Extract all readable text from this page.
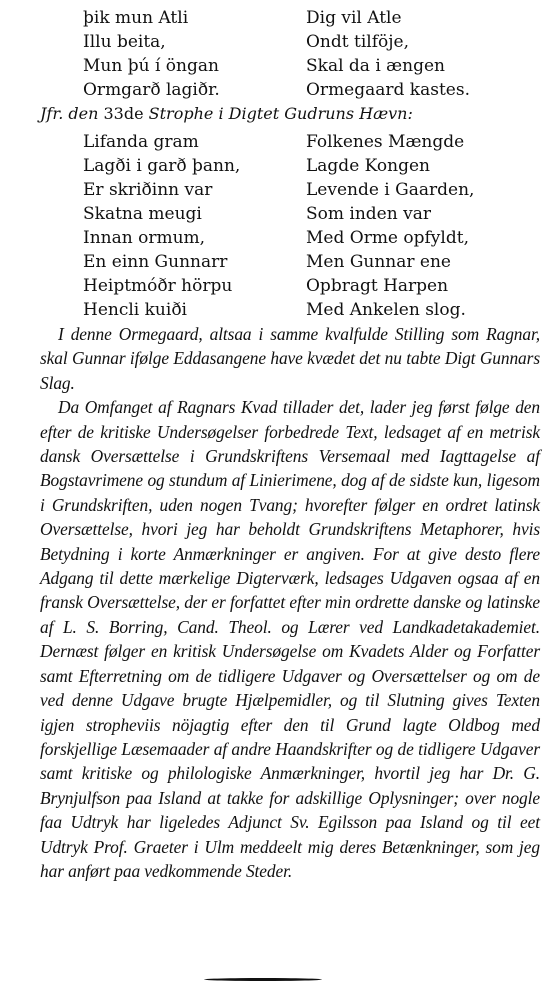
þik mun Atli
Illu beita,
Mun þú í öngan
Ormgarð lagiðr.
Dig vil Atle
Ondt tilföje,
Skal da i ængen
Ormegaard kastes.
Jfr. den 33de Strophe i Digtet Gudruns Hævn:
Lifanda gram
Lagði i garð þann,
Er skriðinn var
Skatna meugi
Innan ormum,
En einn Gunnarr
Heiptmóðr hörpu
Hencli kuiði
Folkenes Mængde
Lagde Kongen
Levende i Gaarden,
Som inden var
Med Orme opfyldt,
Men Gunnar ene
Opbragt Harpen
Med Ankelen slog.

I denne Ormegaard, altsaa i samme kvalfulde Stilling som Ragnar, skal Gunnar ifølge Eddasangene have kvædet det nu tabte Digt Gunnars Slag.

Da Omfanget af Ragnars Kvad tillader det, lader jeg først følge den efter de kritiske Undersøgelser forbedrede Text, ledsaget af en metrisk dansk Oversættelse i Grundskriftens Versemaal med Iagttagelse af Bogstavrimene og stundum af Linierimene, dog af de sidste kun, ligesom i Grundskriften, uden nogen Tvang; hvorefter følger en ordret latinsk Oversættelse, hvori jeg har beholdt Grundskriftens Metaphorer, hvis Betydning i korte Anmærkninger er angiven. For at give desto flere Adgang til dette mærkelige Digterværk, ledsages Udgaven ogsaa af en fransk Oversættelse, der er forfattet efter min ordrette danske og latinske af L. S. Borring, Cand. Theol. og Lærer ved Landkadetakademiet. Dernæst følger en kritisk Undersøgelse om Kvadets Alder og Forfatter samt Efterretning om de tidligere Udgaver og Oversættelser og om de ved denne Udgave brugte Hjælpemidler, og til Slutning gives Texten igjen stropheviis nöjagtig efter den til Grund lagte Oldbog med forskjellige Læsemaader af andre Haandskrifter og de tidligere Udgaver samt kritiske og philologiske Anmærkninger, hvortil jeg har Dr. G. Brynjulfson paa Island at takke for adskillige Oplysninger; over nogle faa Udtryk har ligeledes Adjunct Sv. Egilsson paa Island og til eet Udtryk Prof. Graeter i Ulm meddeelt mig deres Betænkninger, som jeg har anført paa vedkommende Steder.
